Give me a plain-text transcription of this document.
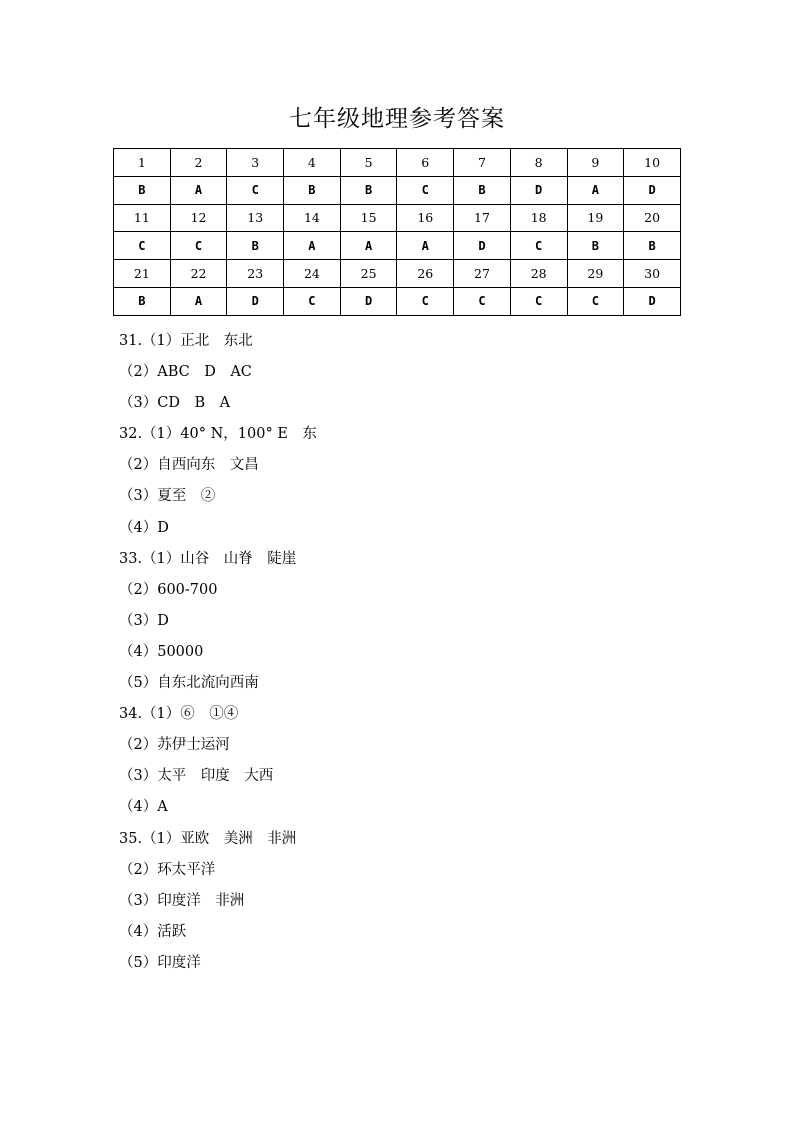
七年级地理参考答案
1	2	3	4	5	6	7	8	9	10
B	A	C	B	B	C	B	D	A	D
11	12	13	14	15	16	17	18	19	20
C	C	B	A	A	A	D	C	B	B
21	22	23	24	25	26	27	28	29	30
B	A	D	C	D	C	C	C	C	D
31.（1）正北　东北
（2）ABC　D　AC
（3）CD　B　A
32.（1）40° N，100° E　东
（2）自西向东　文昌
（3）夏至　②
（4）D
33.（1）山谷　山脊　陡崖
（2）600-700
（3）D
（4）50000
（5）自东北流向西南
34.（1）⑥　①④
（2）苏伊士运河
（3）太平　印度　大西
（4）A
35.（1）亚欧　美洲　非洲
（2）环太平洋
（3）印度洋　非洲
（4）活跃
（5）印度洋
